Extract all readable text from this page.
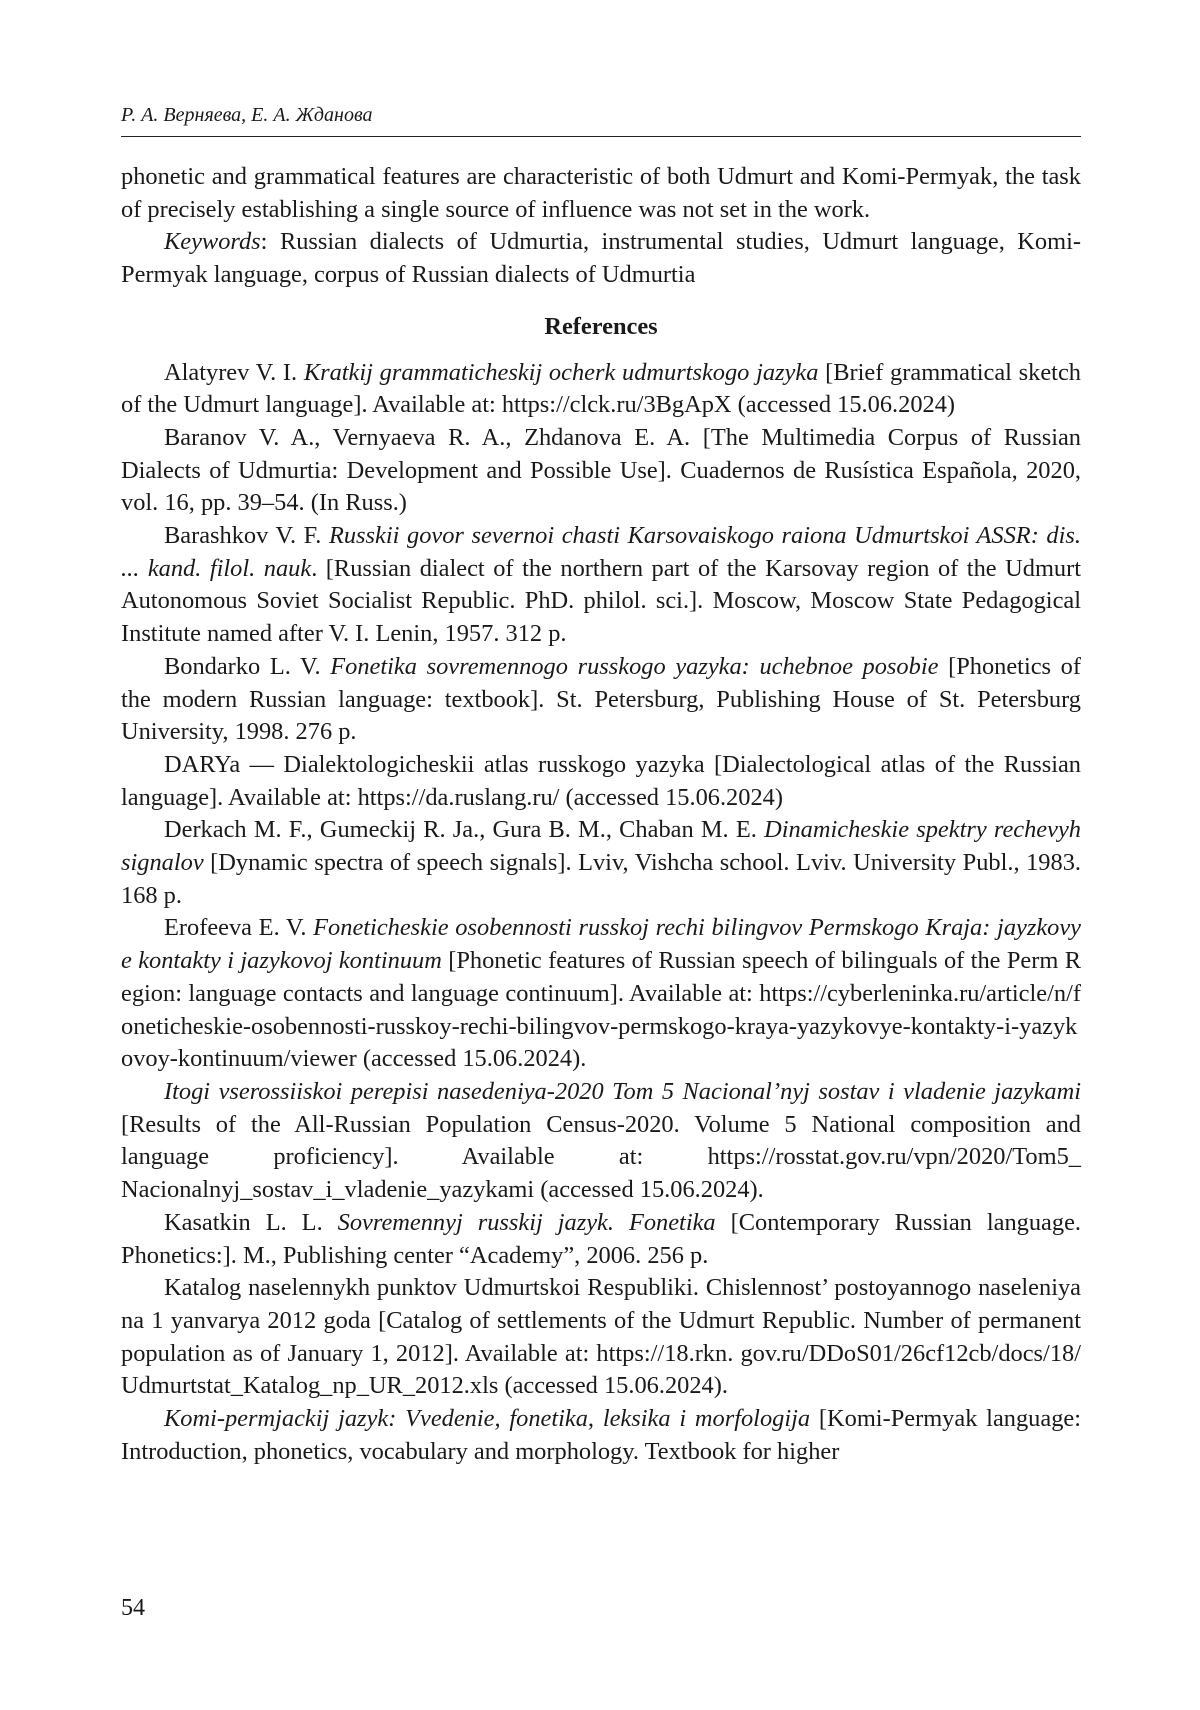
Р. А. Верняева, Е. А. Жданова

phonetic and grammatical features are characteristic of both Udmurt and Komi-Permyak, the task of precisely establishing a single source of influence was not set in the work.

Keywords: Russian dialects of Udmurtia, instrumental studies, Udmurt language, Komi-Permyak language, corpus of Russian dialects of Udmurtia

References

Alatyrev V. I. Kratkij grammaticheskij ocherk udmurtskogo jazyka [Brief grammatical sketch of the Udmurt language]. Available at: https://clck.ru/3BgApX (accessed 15.06.2024)

Baranov V. A., Vernyaeva R. A., Zhdanova E. A. [The Multimedia Corpus of Russian Dialects of Udmurtia: Development and Possible Use]. Cuadernos de Rusística Española, 2020, vol. 16, pp. 39–54. (In Russ.)

Barashkov V. F. Russkii govor severnoi chasti Karsovaiskogo raiona Udmurtskoi ASSR: dis. ... kand. filol. nauk. [Russian dialect of the northern part of the Karsovay region of the Udmurt Autonomous Soviet Socialist Republic. PhD. philol. sci.]. Moscow, Moscow State Pedagogical Institute named after V. I. Lenin, 1957. 312 p.

Bondarko L. V. Fonetika sovremennogo russkogo yazyka: uchebnoe posobie [Phonetics of the modern Russian language: textbook]. St. Petersburg, Publishing House of St. Petersburg University, 1998. 276 p.

DARYa — Dialektologicheskii atlas russkogo yazyka [Dialectological atlas of the Russian language]. Available at: https://da.ruslang.ru/ (accessed 15.06.2024)

Derkach M. F., Gumeckij R. Ja., Gura B. M., Chaban M. E. Dinamicheskie spektry rechevyh signalov [Dynamic spectra of speech signals]. Lviv, Vishcha school. Lviv. University Publ., 1983. 168 p.

Erofeeva E. V. Foneticheskie osobennosti russkoj rechi bilingvov Permskogo Kraja: jayzkovye kontakty i jazykovoj kontinuum [Phonetic features of Russian speech of bilinguals of the Perm Region: language contacts and language continuum]. Available at: https://cyberleninka.ru/article/n/foneticheskie-osobennosti-russkoy-rechi-bilingvov-permskogo-kraya-yazykovye-kontakty-i-yazykovoy-kontinuum/viewer (accessed 15.06.2024).

Itogi vserossiiskoi perepisi nasedeniya-2020 Tom 5 Nacional’nyj sostav i vladenie jazykami [Results of the All-Russian Population Census-2020. Volume 5 National composition and language proficiency]. Available at: https://rosstat.gov.ru/vpn/2020/Tom5_ Nacionalnyj_sostav_i_vladenie_yazykami (accessed 15.06.2024).

Kasatkin L. L. Sovremennyj russkij jazyk. Fonetika [Contemporary Russian language. Phonetics:]. M., Publishing center “Academy”, 2006. 256 p.

Katalog naselennykh punktov Udmurtskoi Respubliki. Chislennost’ postoyannogo naseleniya na 1 yanvarya 2012 goda [Catalog of settlements of the Udmurt Republic. Number of permanent population as of January 1, 2012]. Available at: https://18.rkn. gov.ru/DDoS01/26cf12cb/docs/18/Udmurtstat_Katalog_np_UR_2012.xls (accessed 15.06.2024).

Komi-permjackij jazyk: Vvedenie, fonetika, leksika i morfologija [Komi-Permyak language: Introduction, phonetics, vocabulary and morphology. Textbook for higher

54
